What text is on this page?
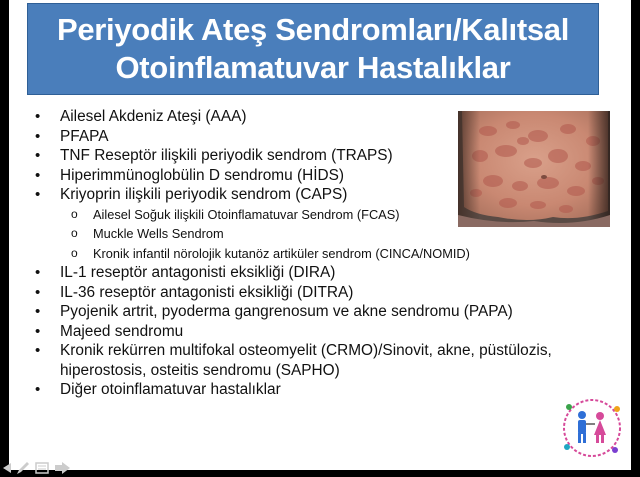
Periyodik Ateş Sendromları/Kalıtsal
Otoinflamatuvar Hastalıklar
• Ailesel Akdeniz Ateşi (AAA)
• PFAPA
• TNF Reseptör ilişkili periyodik sendrom (TRAPS)
• Hiperimmünoglobülin D sendromu (HİDS)
• Kriyoprin ilişkili periyodik sendrom (CAPS)
o Ailesel Soğuk ilişkili Otoinflamatuvar Sendrom (FCAS)
o Muckle Wells Sendrom
o Kronik infantil nörolojik kutanöz artiküler sendrom (CINCA/NOMID)
• IL-1 reseptör antagonisti eksikliği (DIRA)
• IL-36 reseptör antagonisti eksikliği (DITRA)
• Pyojenik artrit, pyoderma gangrenosum ve akne sendromu (PAPA)
• Majeed sendromu
• Kronik rekürren multifokal osteomyelit (CRMO)/Sinovit, akne, püstülozis, hiperostosis, osteitis sendromu (SAPHO)
• Diğer otoinflamatuvar hastalıklar
